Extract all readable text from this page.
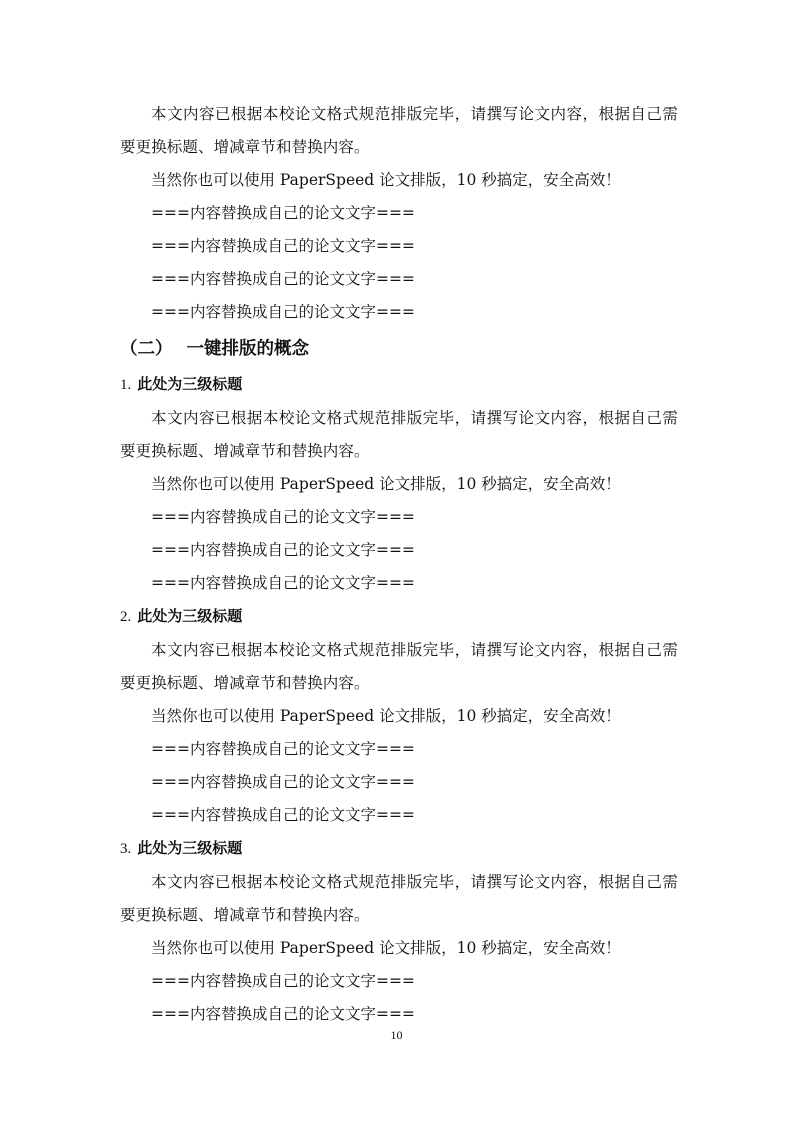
本文内容已根据本校论文格式规范排版完毕，请撰写论文内容，根据自己需要更换标题、增减章节和替换内容。

当然你也可以使用 PaperSpeed 论文排版，10 秒搞定，安全高效！

===内容替换成自己的论文文字===

===内容替换成自己的论文文字===

===内容替换成自己的论文文字===

===内容替换成自己的论文文字===

（二） 一键排版的概念
1. 此处为三级标题

本文内容已根据本校论文格式规范排版完毕，请撰写论文内容，根据自己需要更换标题、增减章节和替换内容。

当然你也可以使用 PaperSpeed 论文排版，10 秒搞定，安全高效！

===内容替换成自己的论文文字===

===内容替换成自己的论文文字===

===内容替换成自己的论文文字===

2. 此处为三级标题

本文内容已根据本校论文格式规范排版完毕，请撰写论文内容，根据自己需要更换标题、增减章节和替换内容。

当然你也可以使用 PaperSpeed 论文排版，10 秒搞定，安全高效！

===内容替换成自己的论文文字===

===内容替换成自己的论文文字===

===内容替换成自己的论文文字===

3. 此处为三级标题

本文内容已根据本校论文格式规范排版完毕，请撰写论文内容，根据自己需要更换标题、增减章节和替换内容。

当然你也可以使用 PaperSpeed 论文排版，10 秒搞定，安全高效！

===内容替换成自己的论文文字===

===内容替换成自己的论文文字===

10
